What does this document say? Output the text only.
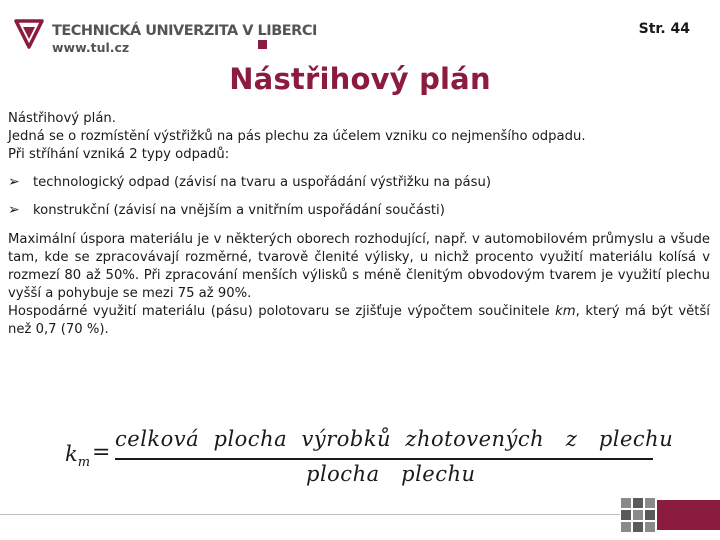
TECHNICKÁ UNIVERZITA V LIBERCI
www.tul.cz
Str. 44
Nástřihový plán

Nástřihový plán.

Jedná se o rozmístění výstřižků na pás plechu za účelem vzniku co nejmenšího odpadu.

Při stříhání vzniká 2 typy odpadů:

➢	technologický odpad (závisí na tvaru a uspořádání výstřižku na pásu)
➢	konstrukční (závisí na vnějším a vnitřním uspořádání součásti)

Maximální úspora materiálu je v některých oborech rozhodující, např. v automobilovém průmyslu a všude tam, kde se zpracovávají rozměrné, tvarově členité výlisky, u nichž procento využití materiálu kolísá v rozmezí 80 až 50%. Při zpracování menších výlisků s méně členitým obvodovým tvarem je využití plechu vyšší a pohybuje se mezi 75 až 90%.

Hospodárné využití materiálu (pásu) polotovaru se zjišťuje výpočtem součinitele km, který má být větší než 0,7 (70 %).

$k_m$ =
celková  plocha  výrobků  zhotovených   z   plechu
plocha   plechu
